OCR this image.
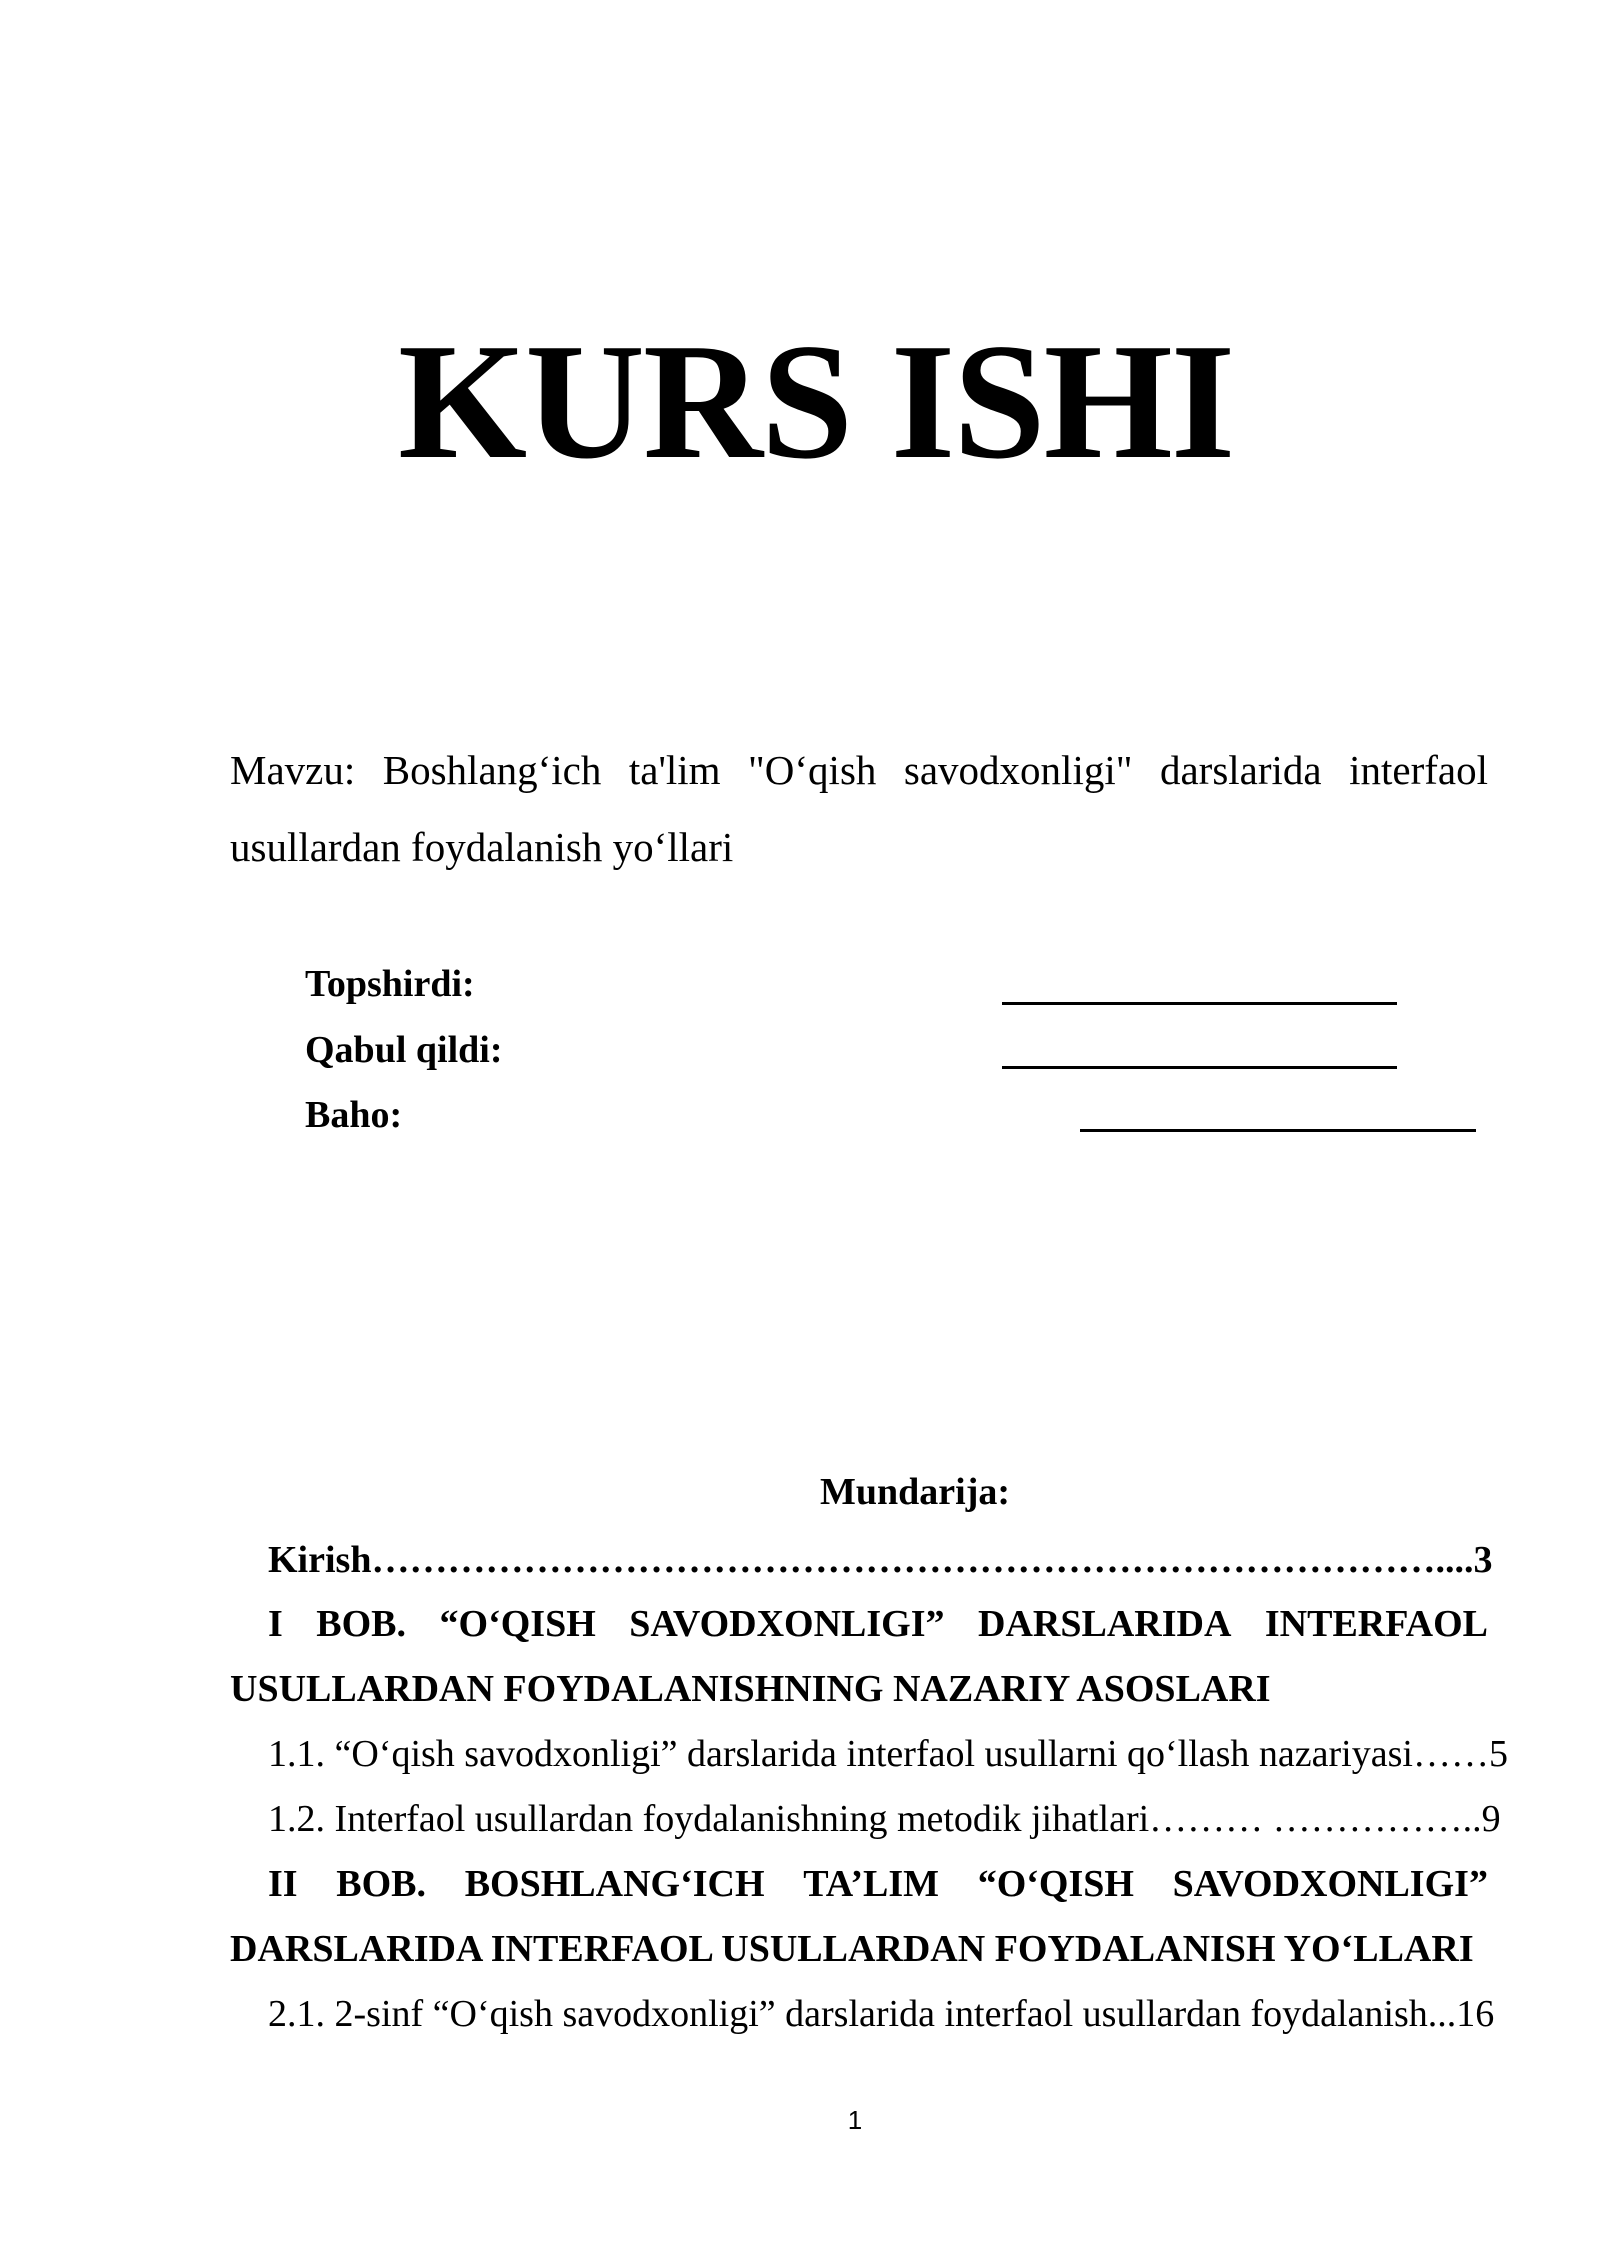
KURS ISHI
Mavzu: Boshlang‘ich ta'lim "O‘qish savodxonligi" darslarida interfaol usullardan foydalanish yo‘llari
Topshirdi:
Qabul qildi:
Baho:
Mundarija:
Kirish…………………………………………………………………………....3
I BOB. “O‘QISH SAVODXONLIGI” DARSLARIDA INTERFAOL
USULLARDAN FOYDALANISHNING NAZARIY ASOSLARI
1.1. “O‘qish savodxonligi” darslarida interfaol usullarni qo‘llash nazariyasi……5
1.2. Interfaol usullardan foydalanishning metodik jihatlari……… ……………..9
II BOB. BOSHLANG‘ICH TA’LIM “O‘QISH SAVODXONLIGI”
DARSLARIDA INTERFAOL USULLARDAN FOYDALANISH YO‘LLARI
2.1. 2-sinf “O‘qish savodxonligi” darslarida interfaol usullardan foydalanish...16
1
